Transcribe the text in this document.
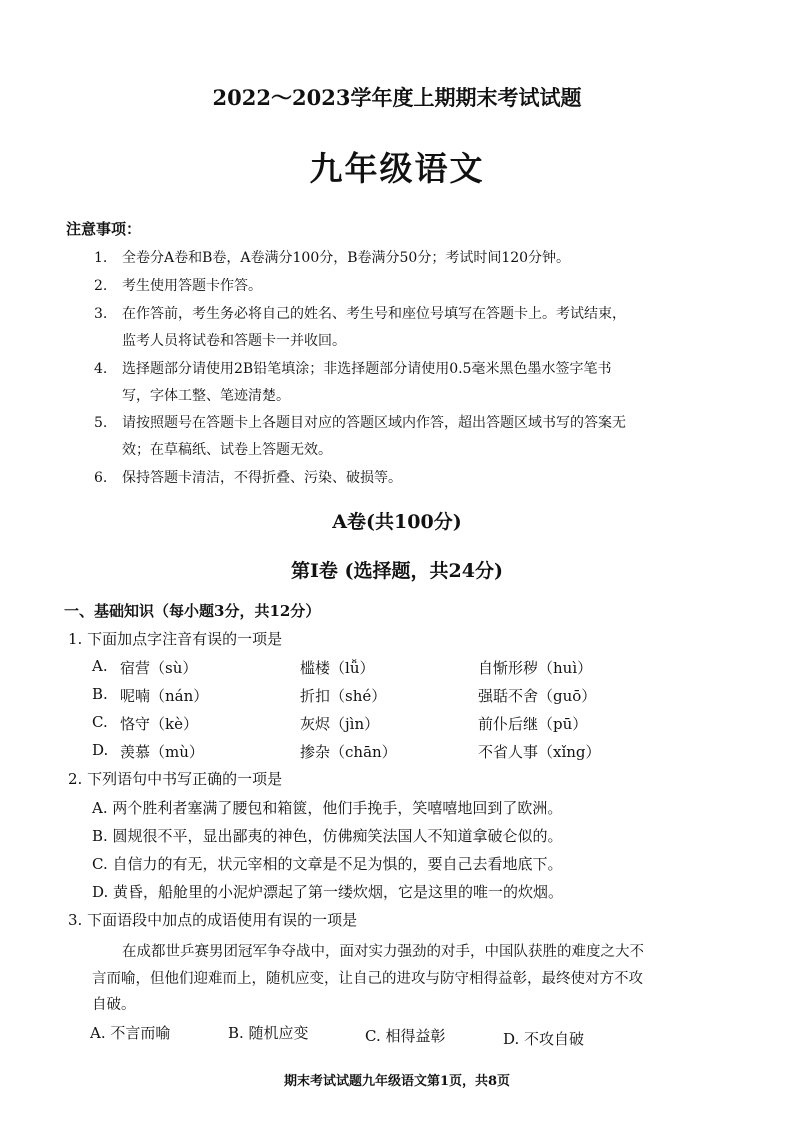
2022～2023学年度上期期末考试试题
九年级语文
注意事项：
1. 全卷分A卷和B卷，A卷满分100分，B卷满分50分；考试时间120分钟。
2. 考生使用答题卡作答。
3. 在作答前，考生务必将自己的姓名、考生号和座位号填写在答题卡上。考试结束，
监考人员将试卷和答题卡一并收回。
4. 选择题部分请使用2B铅笔填涂；非选择题部分请使用0.5毫米黑色墨水签字笔书
写，字体工整、笔迹清楚。
5. 请按照题号在答题卡上各题目对应的答题区域内作答，超出答题区域书写的答案无
效；在草稿纸、试卷上答题无效。
6. 保持答题卡清洁，不得折叠、污染、破损等。
A卷(共100分)
第Ⅰ卷 (选择题，共24分)
一、基础知识（每小题3分，共12分）
1. 下面加点字注音有误的一项是
A. 宿营（sù）	槛楼（lǚ）	自惭形秽（huì）
B. 呢喃（nán）	折扣（shé）	强聒不舍（guō）
C. 恪守（kè）	灰烬（jìn）	前仆后继（pū）
D. 羡慕（mù）	掺杂（chān）	不省人事（xǐng）
2. 下列语句中书写正确的一项是
A. 两个胜利者塞满了腰包和箱篋，他们手挽手，笑嘻嘻地回到了欧洲。
B. 圆规很不平，显出鄙夷的神色，仿佛痴笑法国人不知道拿破仑似的。
C. 自信力的有无，状元宰相的文章是不足为惧的，要自己去看地底下。
D. 黄昏，船舱里的小泥炉漂起了第一缕炊烟，它是这里的唯一的炊烟。
3. 下面语段中加点的成语使用有误的一项是
在成都世乒赛男团冠军争夺战中，面对实力强劲的对手，中国队获胜的难度之大不
言而喻，但他们迎难而上，随机应变，让自己的进攻与防守相得益彰，最终使对方不攻
自破。
A. 不言而喻	B. 随机应变	C. 相得益彰	D. 不攻自破
期末考试试题九年级语文第1页，共8页
